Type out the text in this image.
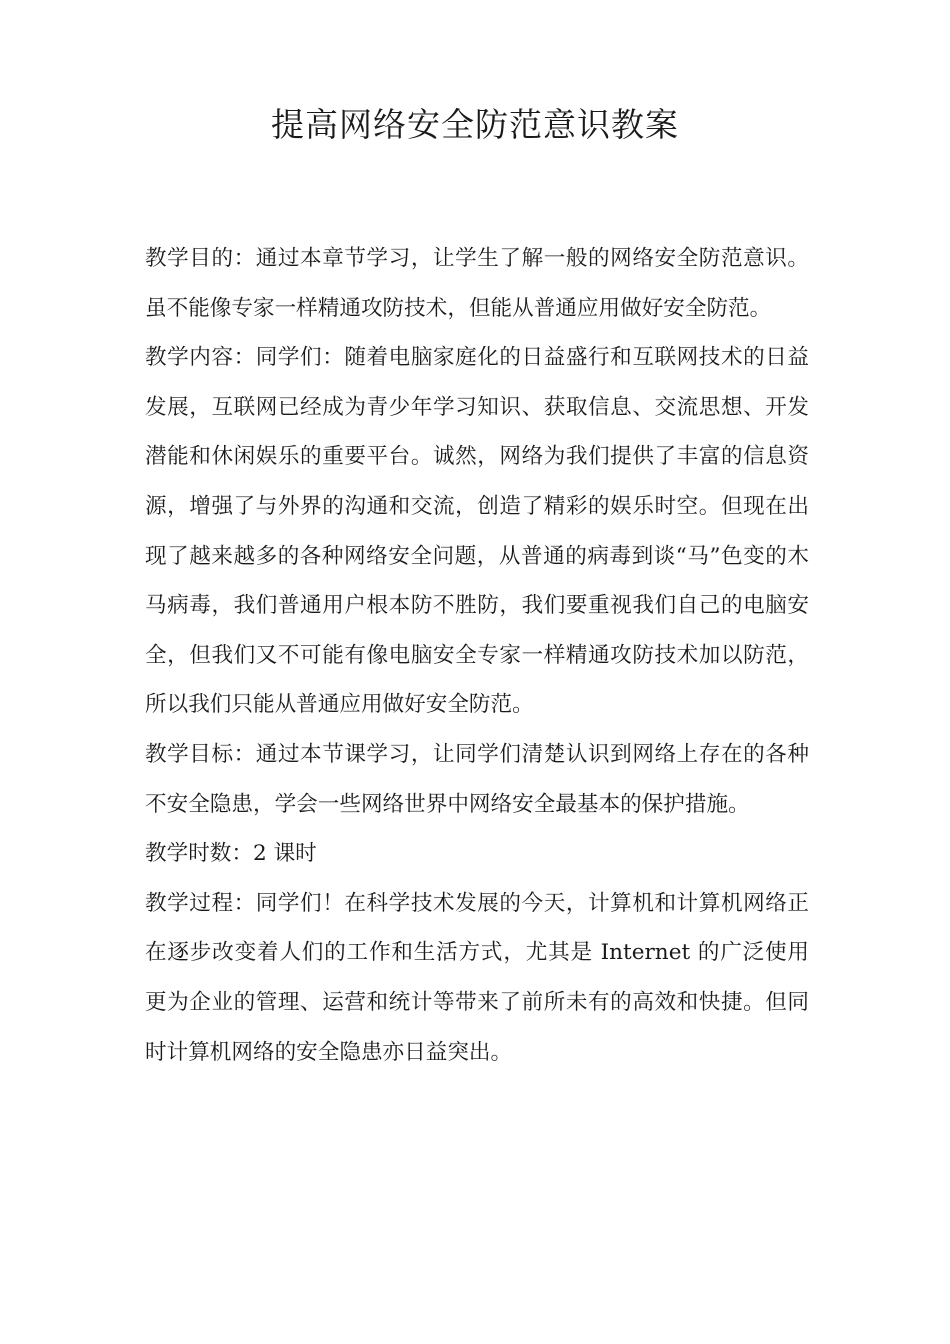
提高网络安全防范意识教案

教学目的：通过本章节学习，让学生了解一般的网络安全防范意识。虽不能像专家一样精通攻防技术，但能从普通应用做好安全防范。

教学内容：同学们：随着电脑家庭化的日益盛行和互联网技术的日益发展，互联网已经成为青少年学习知识、获取信息、交流思想、开发潜能和休闲娱乐的重要平台。诚然，网络为我们提供了丰富的信息资源，增强了与外界的沟通和交流，创造了精彩的娱乐时空。但现在出现了越来越多的各种网络安全问题，从普通的病毒到谈“马”色变的木马病毒，我们普通用户根本防不胜防，我们要重视我们自己的电脑安全，但我们又不可能有像电脑安全专家一样精通攻防技术加以防范，所以我们只能从普通应用做好安全防范。

教学目标：通过本节课学习，让同学们清楚认识到网络上存在的各种不安全隐患，学会一些网络世界中网络安全最基本的保护措施。

教学时数：2 课时

教学过程：同学们！在科学技术发展的今天，计算机和计算机网络正在逐步改变着人们的工作和生活方式，尤其是 Internet 的广泛使用更为企业的管理、运营和统计等带来了前所未有的高效和快捷。但同时计算机网络的安全隐患亦日益突出。
